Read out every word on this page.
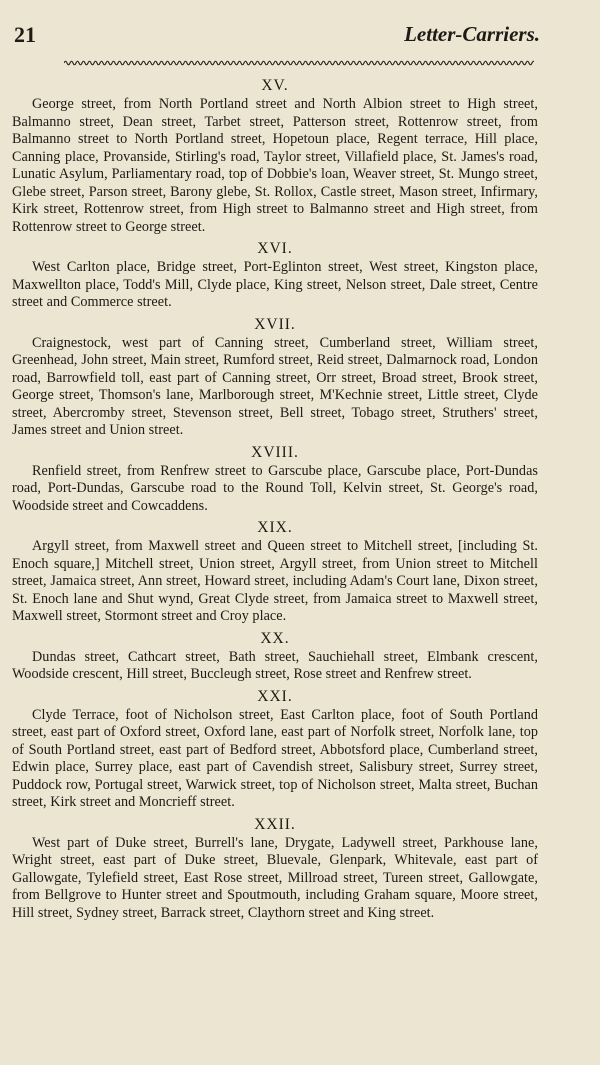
21	Letter-Carriers.
XV.

George street, from North Portland street and North Albion street to High street, Balmanno street, Dean street, Tarbet street, Patterson street, Rottenrow street, from Balmanno street to North Portland street, Hopetoun place, Regent terrace, Hill place, Canning place, Provanside, Stirling's road, Taylor street, Villafield place, St. James's road, Lunatic Asylum, Parliamentary road, top of Dobbie's loan, Weaver street, St. Mungo street, Glebe street, Parson street, Barony glebe, St. Rollox, Castle street, Mason street, Infirmary, Kirk street, Rottenrow street, from High street to Balmanno street and High street, from Rottenrow street to George street.

XVI.

West Carlton place, Bridge street, Port-Eglinton street, West street, Kingston place, Maxwellton place, Todd's Mill, Clyde place, King street, Nelson street, Dale street, Centre street and Commerce street.

XVII.

Craignestock, west part of Canning street, Cumberland street, William street, Greenhead, John street, Main street, Rumford street, Reid street, Dalmarnock road, London road, Barrowfield toll, east part of Canning street, Orr street, Broad street, Brook street, George street, Thomson's lane, Marlborough street, M'Kechnie street, Little street, Clyde street, Abercromby street, Stevenson street, Bell street, Tobago street, Struthers' street, James street and Union street.

XVIII.

Renfield street, from Renfrew street to Garscube place, Garscube place, Port-Dundas road, Port-Dundas, Garscube road to the Round Toll, Kelvin street, St. George's road, Woodside street and Cowcaddens.

XIX.

Argyll street, from Maxwell street and Queen street to Mitchell street, [including St. Enoch square,] Mitchell street, Union street, Argyll street, from Union street to Mitchell street, Jamaica street, Ann street, Howard street, including Adam's Court lane, Dixon street, St. Enoch lane and Shut wynd, Great Clyde street, from Jamaica street to Maxwell street, Maxwell street, Stormont street and Croy place.

XX.

Dundas street, Cathcart street, Bath street, Sauchiehall street, Elmbank crescent, Woodside crescent, Hill street, Buccleugh street, Rose street and Renfrew street.

XXI.

Clyde Terrace, foot of Nicholson street, East Carlton place, foot of South Portland street, east part of Oxford street, Oxford lane, east part of Norfolk street, Norfolk lane, top of South Portland street, east part of Bedford street, Abbotsford place, Cumberland street, Edwin place, Surrey place, east part of Cavendish street, Salisbury street, Surrey street, Puddock row, Portugal street, Warwick street, top of Nicholson street, Malta street, Buchan street, Kirk street and Moncrieff street.

XXII.

West part of Duke street, Burrell's lane, Drygate, Ladywell street, Parkhouse lane, Wright street, east part of Duke street, Bluevale, Glenpark, Whitevale, east part of Gallowgate, Tylefield street, East Rose street, Millroad street, Tureen street, Gallowgate, from Bellgrove to Hunter street and Spoutmouth, including Graham square, Moore street, Hill street, Sydney street, Barrack street, Claythorn street and King street.
